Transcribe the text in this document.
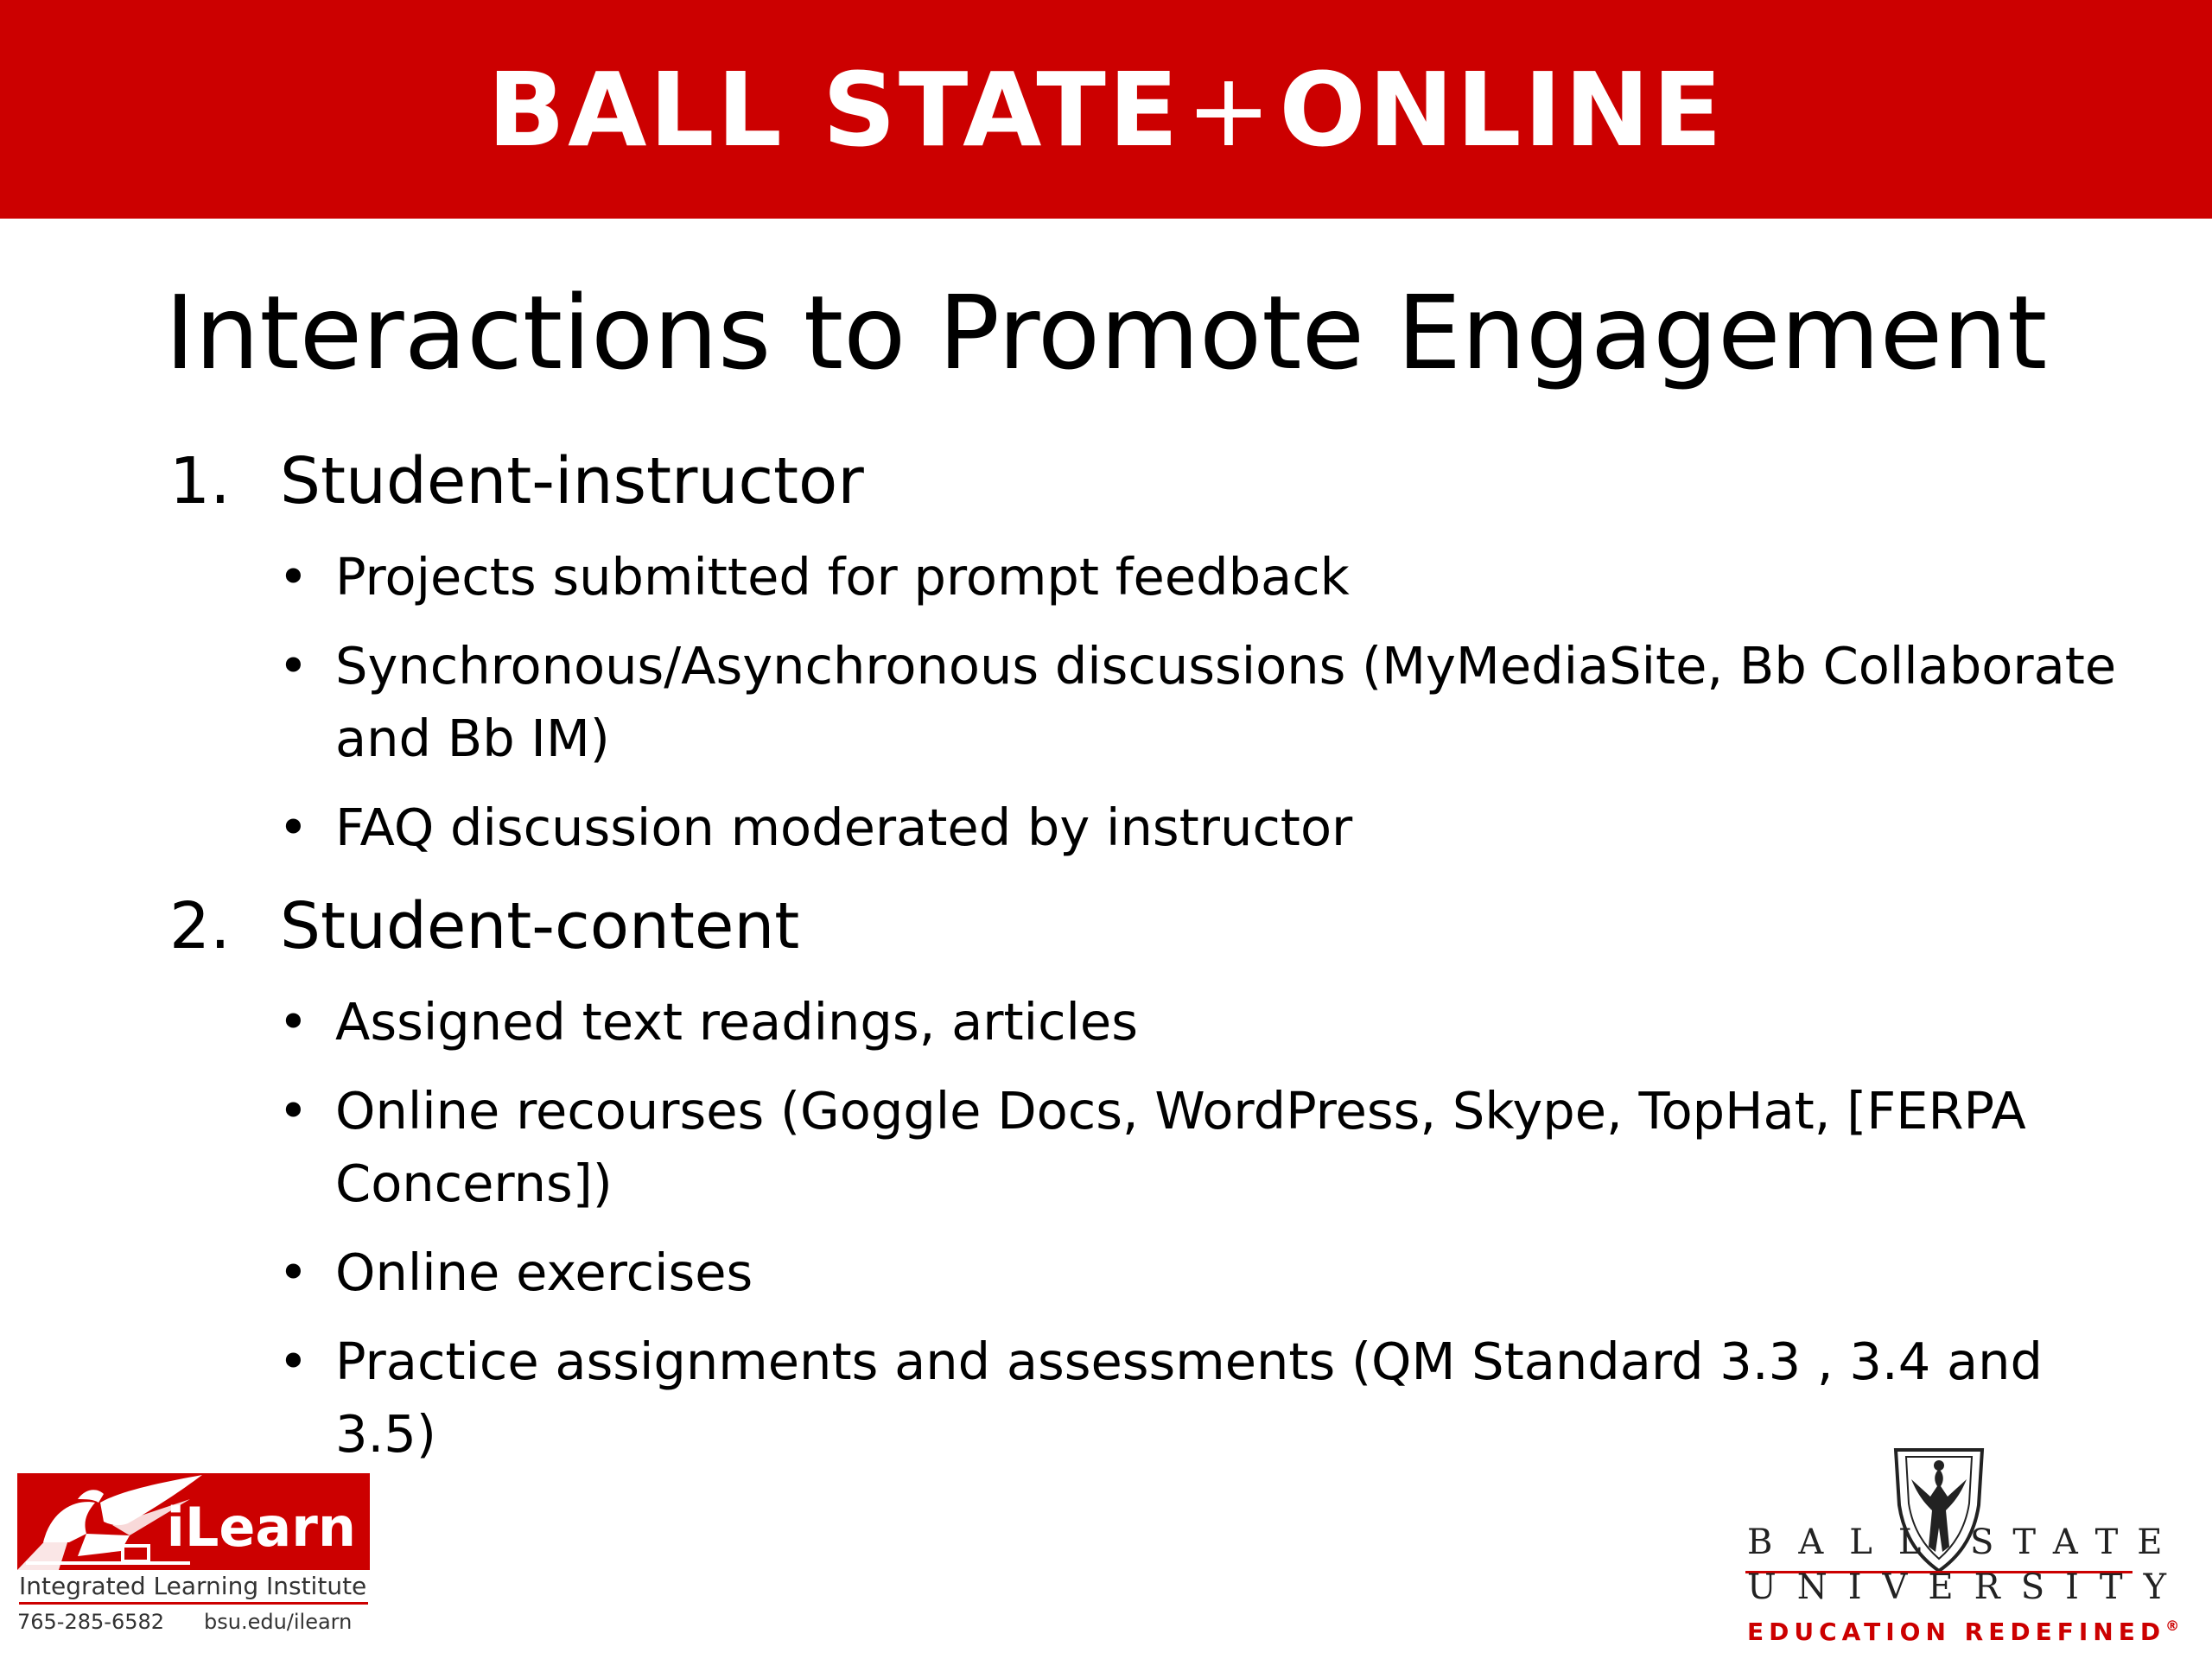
BALL STATE + ONLINE
Interactions to Promote Engagement
1. Student-instructor
• Projects submitted for prompt feedback
• Synchronous/Asynchronous discussions (MyMediaSite, Bb Collaborate and Bb IM)
• FAQ discussion moderated by instructor
2. Student-content
• Assigned text readings, articles
• Online recourses (Goggle Docs, WordPress, Skype, TopHat, [FERPA Concerns])
• Online exercises
• Practice assignments and assessments (QM Standard 3.3 , 3.4 and 3.5)
iLearn
Integrated Learning Institute
765-285-6582 bsu.edu/ilearn
BALL STATE
UNIVERSITY
EDUCATION REDEFINED®
